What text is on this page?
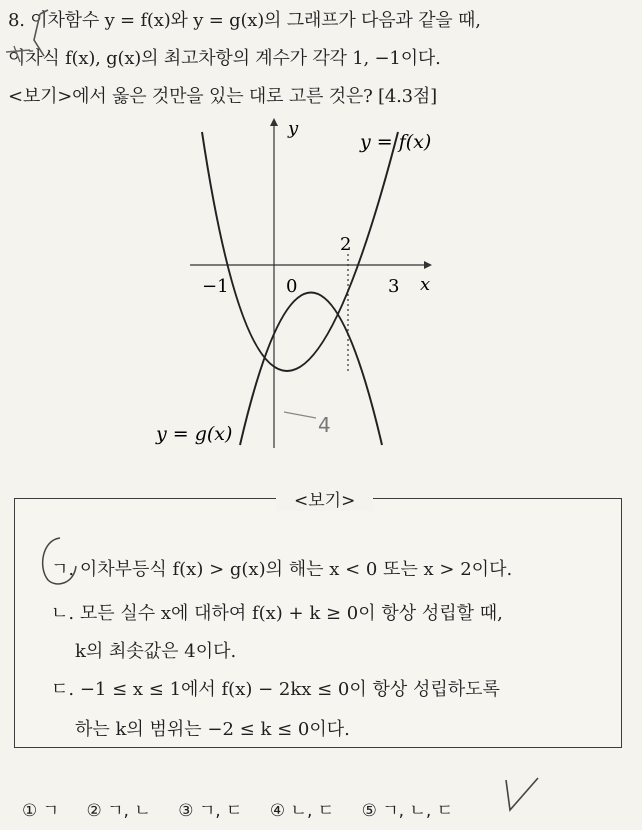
8. 이차함수 y = f(x)와 y = g(x)의 그래프가 다음과 같을 때,
이차식 f(x), g(x)의 최고차항의 계수가 각각 1, −1이다.
<보기>에서 옳은 것만을 있는 대로 고른 것은? [4.3점]
y
x
y = f(x)
y = g(x)
−1	0
2
3
4
ㄱ. 이차부등식 f(x) > g(x)의 해는 x < 0 또는 x > 2이다.
ㄴ. 모든 실수 x에 대하여 f(x) + k ≥ 0이 항상 성립할 때,
k의 최솟값은 4이다.
ㄷ. −1 ≤ x ≤ 1에서 f(x) − 2kx ≤ 0이 항상 성립하도록
하는 k의 범위는 −2 ≤ k ≤ 0이다.
<보기>
① ㄱ ② ㄱ, ㄴ ③ ㄱ, ㄷ ④ ㄴ, ㄷ ⑤ ㄱ, ㄴ, ㄷ
